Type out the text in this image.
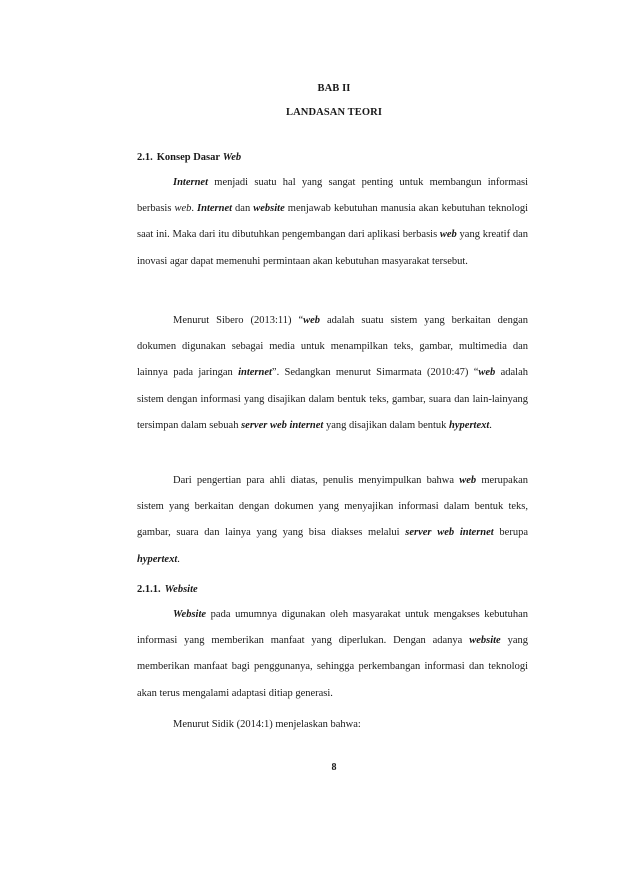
BAB II
LANDASAN TEORI
2.1. Konsep Dasar Web

Internet menjadi suatu hal yang sangat penting untuk membangun informasi berbasis web. Internet dan website menjawab kebutuhan manusia akan kebutuhan teknologi saat ini. Maka dari itu dibutuhkan pengembangan dari aplikasi berbasis web yang kreatif dan inovasi agar dapat memenuhi permintaan akan kebutuhan masyarakat tersebut.

Menurut Sibero (2013:11) “web adalah suatu sistem yang berkaitan dengan dokumen digunakan sebagai media untuk menampilkan teks, gambar, multimedia dan lainnya pada jaringan internet”. Sedangkan menurut Simarmata (2010:47) “web adalah sistem dengan informasi yang disajikan dalam bentuk teks, gambar, suara dan lain-lainyang tersimpan dalam sebuah server web internet yang disajikan dalam bentuk hypertext.

Dari pengertian para ahli diatas, penulis menyimpulkan bahwa web merupakan sistem yang berkaitan dengan dokumen yang menyajikan informasi dalam bentuk teks, gambar, suara dan lainya yang yang bisa diakses melalui server web internet berupa hypertext.

2.1.1. Website

Website pada umumnya digunakan oleh masyarakat untuk mengakses kebutuhan informasi yang memberikan manfaat yang diperlukan. Dengan adanya website yang memberikan manfaat bagi penggunanya, sehingga perkembangan informasi dan teknologi akan terus mengalami adaptasi ditiap generasi.

Menurut Sidik (2014:1) menjelaskan bahwa:

8
